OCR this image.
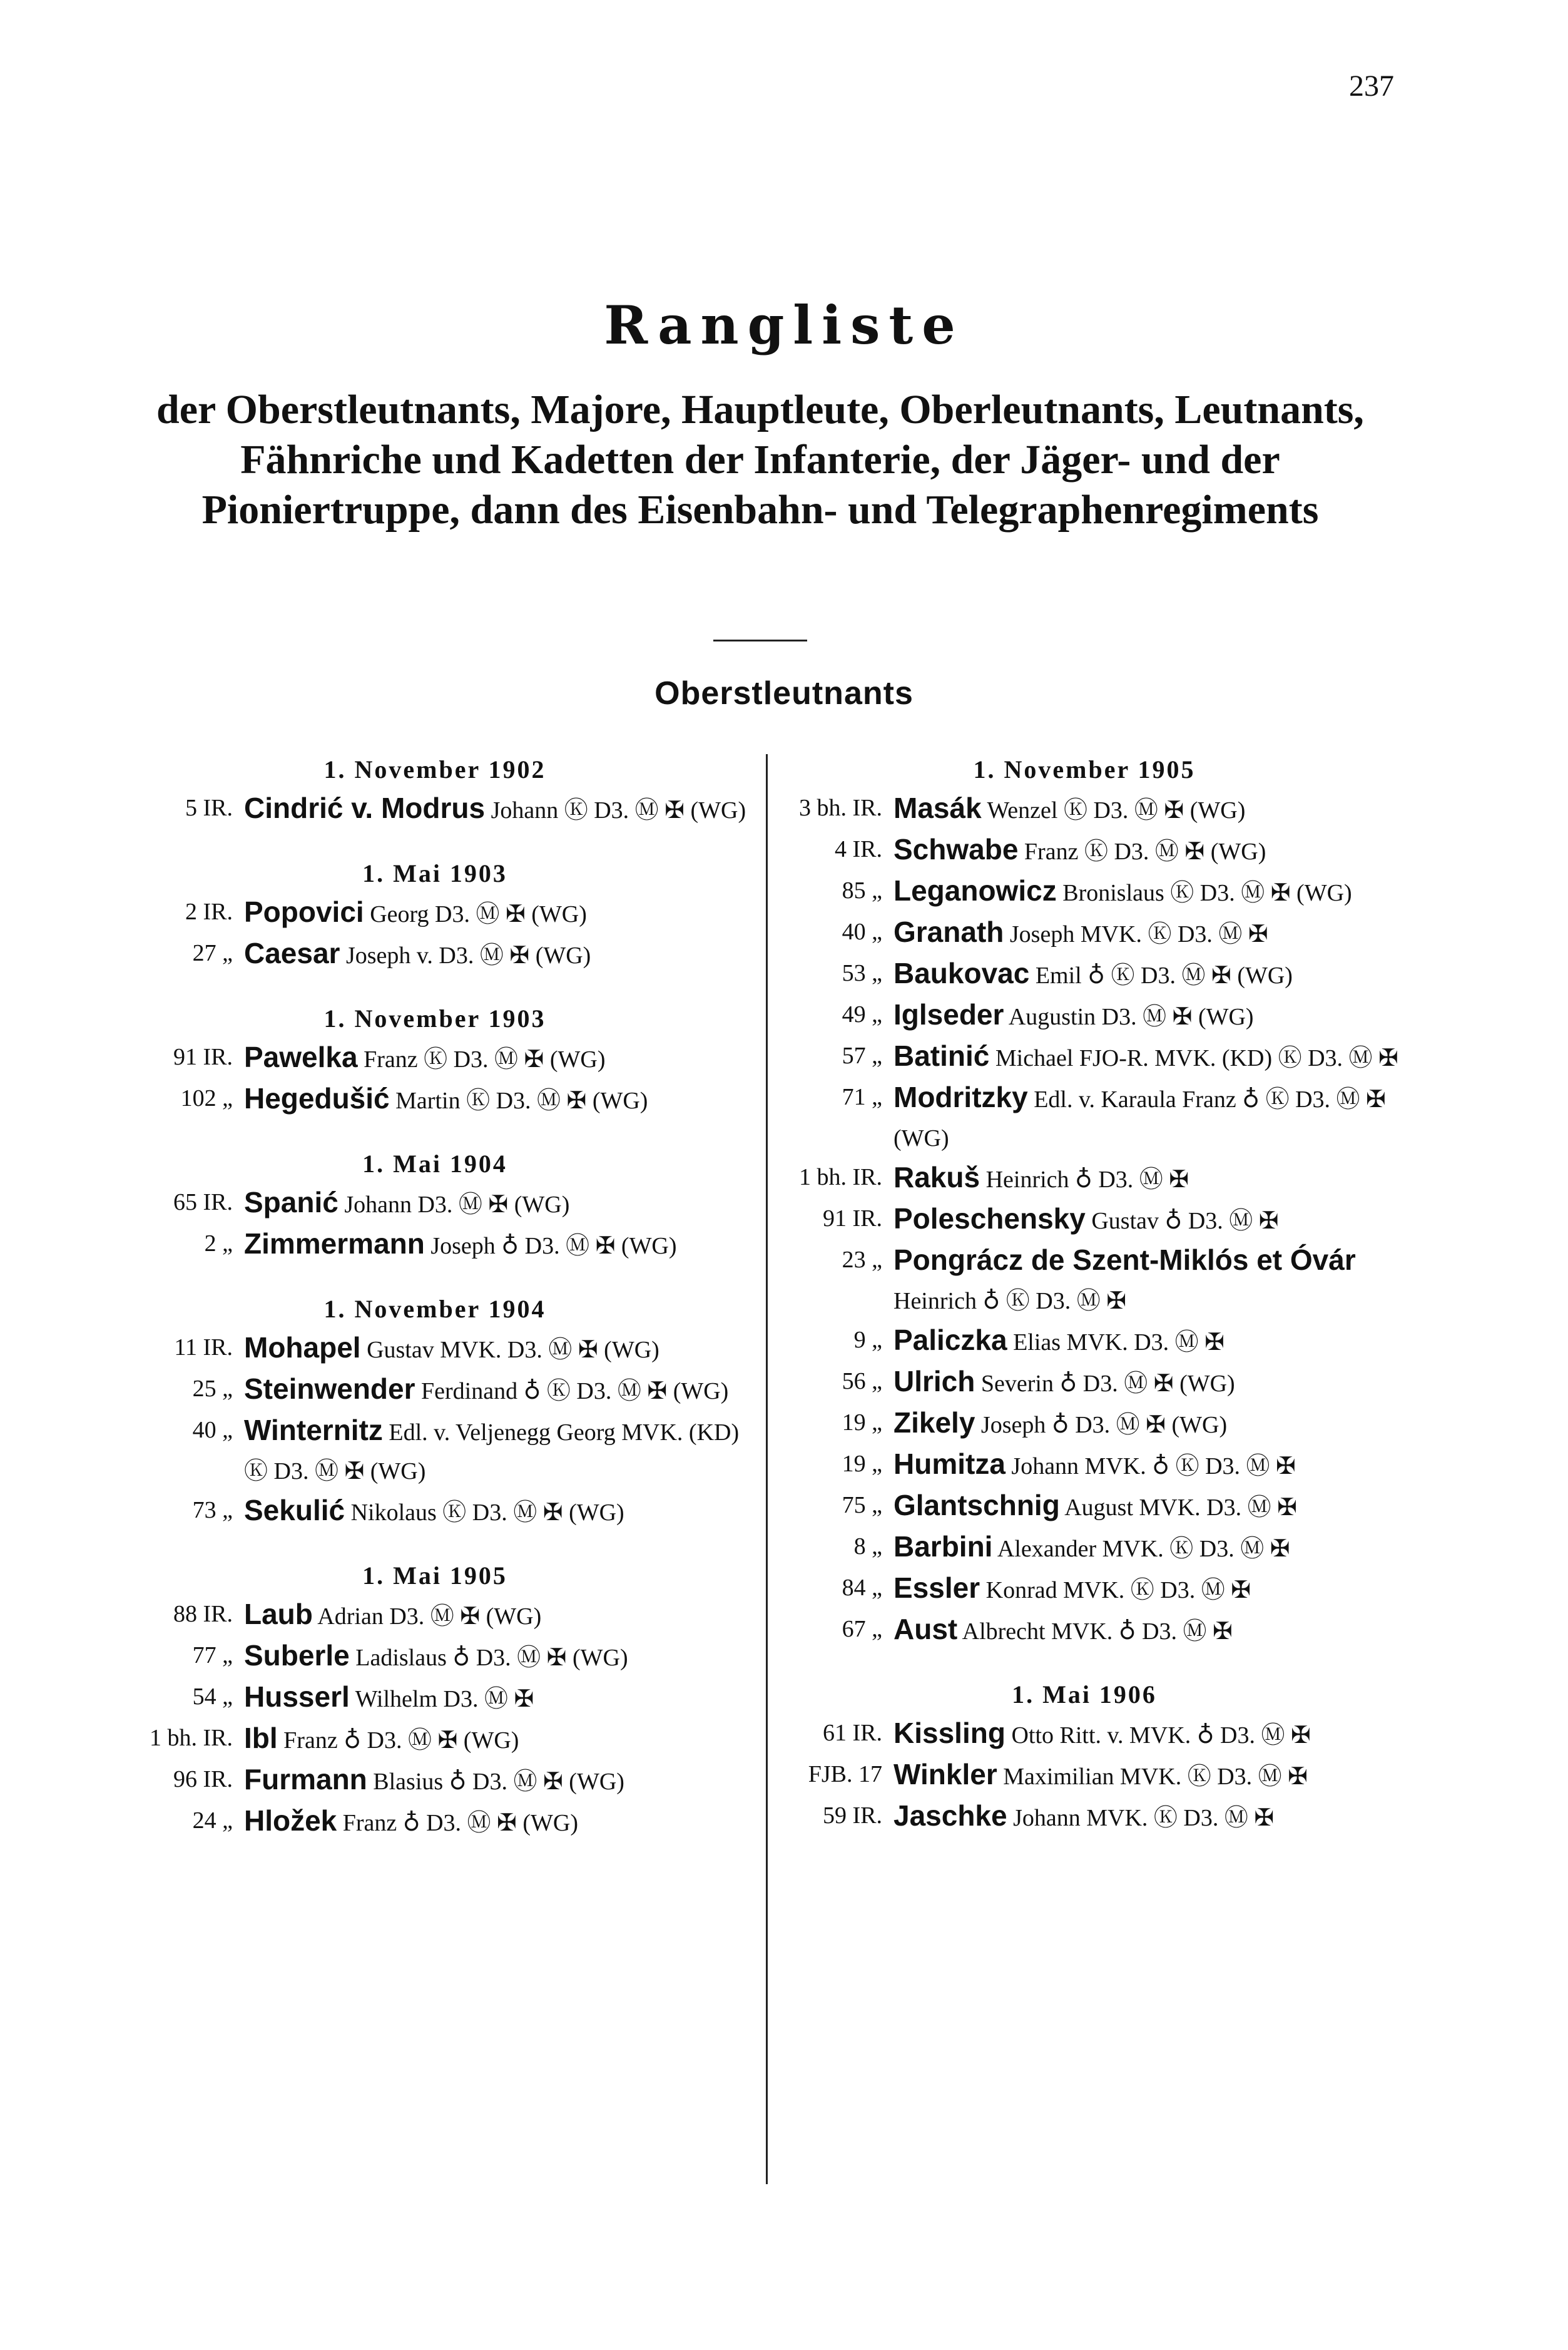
237
Rangliste
der Oberstleutnants, Majore, Hauptleute, Oberleutnants, Leutnants, Fähnriche und Kadetten der Infanterie, der Jäger- und der Pioniertruppe, dann des Eisenbahn- und Telegraphenregiments
Oberstleutnants
1. November 1902
5 IR. Cindrić v. Modrus Johann Ⓚ D3. Ⓜ ✠ (WG)
1. Mai 1903
2 IR. Popovici Georg D3. Ⓜ ✠ (WG)
27 „ Caesar Joseph v. D3. Ⓜ ✠ (WG)
1. November 1903
91 IR. Pawelka Franz Ⓚ D3. Ⓜ ✠ (WG)
102 „ Hegedušić Martin Ⓚ D3. Ⓜ ✠ (WG)
1. Mai 1904
65 IR. Spanić Johann D3. Ⓜ ✠ (WG)
2 „ Zimmermann Joseph ♁ D3. Ⓜ ✠ (WG)
1. November 1904
11 IR. Mohapel Gustav MVK. D3. Ⓜ ✠ (WG)
25 „ Steinwender Ferdinand ♁ Ⓚ D3. Ⓜ ✠ (WG)
40 „ Winternitz Edl. v. Veljenegg Georg MVK. (KD) Ⓚ D3. Ⓜ ✠ (WG)
73 „ Sekulić Nikolaus Ⓚ D3. Ⓜ ✠ (WG)
1. Mai 1905
88 IR. Laub Adrian D3. Ⓜ ✠ (WG)
77 „ Suberle Ladislaus ♁ D3. Ⓜ ✠ (WG)
54 „ Husserl Wilhelm D3. Ⓜ ✠
1 bh. IR. Ibl Franz ♁ D3. Ⓜ ✠ (WG)
96 IR. Furmann Blasius ♁ D3. Ⓜ ✠ (WG)
24 „ Hložek Franz ♁ D3. Ⓜ ✠ (WG)
1. November 1905
3 bh. IR. Masák Wenzel Ⓚ D3. Ⓜ ✠ (WG)
4 IR. Schwabe Franz Ⓚ D3. Ⓜ ✠ (WG)
85 „ Leganowicz Bronislaus Ⓚ D3. Ⓜ ✠ (WG)
40 „ Granath Joseph MVK. Ⓚ D3. Ⓜ ✠
53 „ Baukovac Emil ♁ Ⓚ D3. Ⓜ ✠ (WG)
49 „ Iglseder Augustin D3. Ⓜ ✠ (WG)
57 „ Batinić Michael FJO-R. MVK. (KD) Ⓚ D3. Ⓜ ✠
71 „ Modritzky Edl. v. Karaula Franz ♁ Ⓚ D3. Ⓜ ✠ (WG)
1 bh. IR. Rakuš Heinrich ♁ D3. Ⓜ ✠
91 IR. Poleschensky Gustav ♁ D3. Ⓜ ✠
23 „ Pongrácz de Szent-Miklós et Óvár Heinrich ♁ Ⓚ D3. Ⓜ ✠
9 „ Paliczka Elias MVK. D3. Ⓜ ✠
56 „ Ulrich Severin ♁ D3. Ⓜ ✠ (WG)
19 „ Zikely Joseph ♁ D3. Ⓜ ✠ (WG)
19 „ Humitza Johann MVK. ♁ Ⓚ D3. Ⓜ ✠
75 „ Glantschnig August MVK. D3. Ⓜ ✠
8 „ Barbini Alexander MVK. Ⓚ D3. Ⓜ ✠
84 „ Essler Konrad MVK. Ⓚ D3. Ⓜ ✠
67 „ Aust Albrecht MVK. ♁ D3. Ⓜ ✠
1. Mai 1906
61 IR. Kissling Otto Ritt. v. MVK. ♁ D3. Ⓜ ✠
FJB. 17 Winkler Maximilian MVK. Ⓚ D3. Ⓜ ✠
59 IR. Jaschke Johann MVK. Ⓚ D3. Ⓜ ✠
